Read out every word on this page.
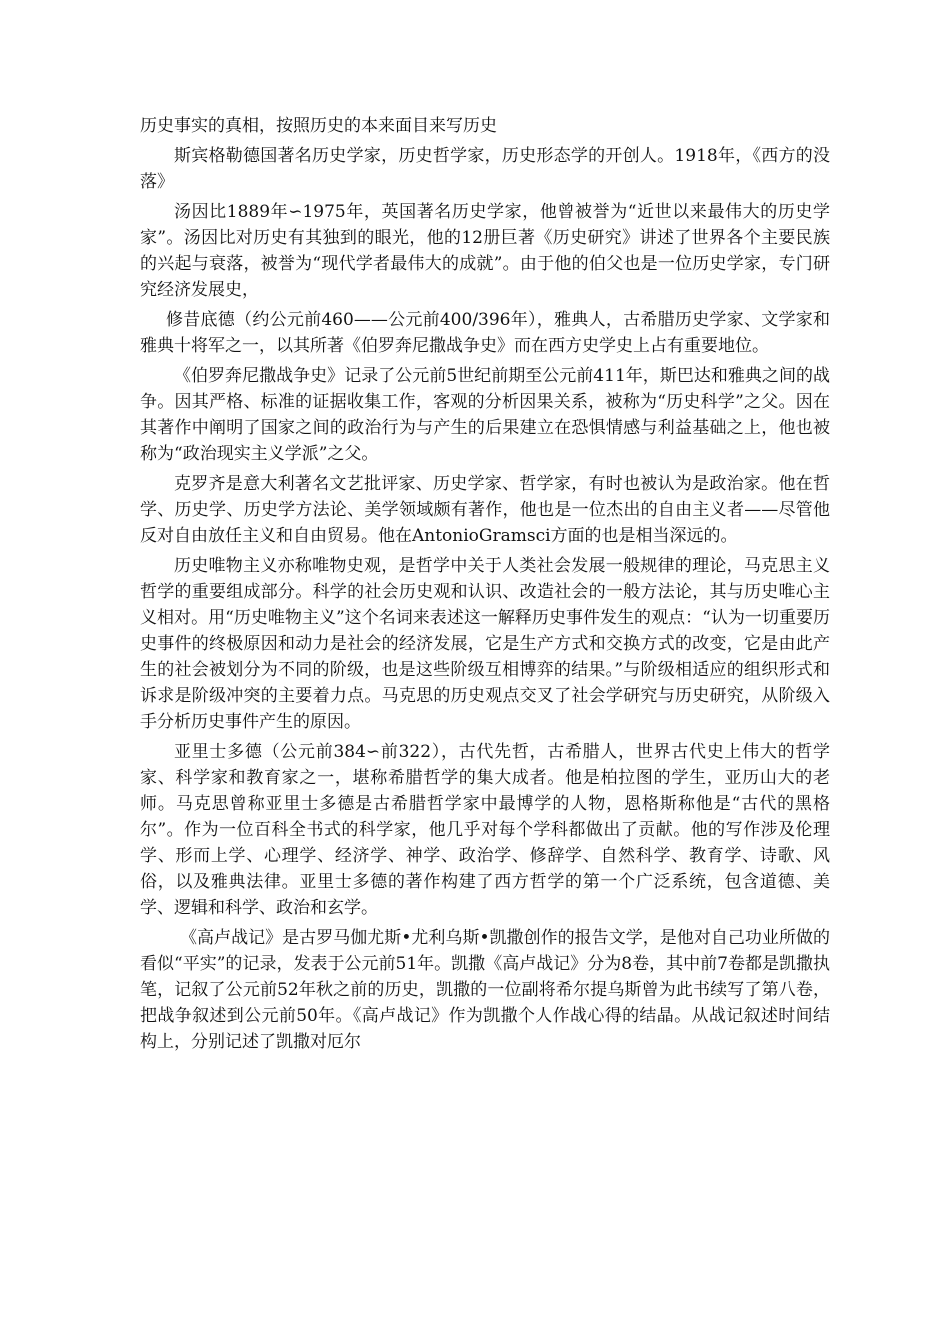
历史事实的真相，按照历史的本来面目来写历史

斯宾格勒德国著名历史学家，历史哲学家，历史形态学的开创人。1918年，《西方的没落》

汤因比1889年∽1975年，英国著名历史学家，他曾被誉为“近世以来最伟大的历史学家”。汤因比对历史有其独到的眼光，他的12册巨著《历史研究》讲述了世界各个主要民族的兴起与衰落，被誉为“现代学者最伟大的成就”。由于他的伯父也是一位历史学家，专门研究经济发展史，

修昔底德（约公元前460——公元前400/396年），雅典人，古希腊历史学家、文学家和雅典十将军之一，以其所著《伯罗奔尼撒战争史》而在西方史学史上占有重要地位。

《伯罗奔尼撒战争史》记录了公元前5世纪前期至公元前411年，斯巴达和雅典之间的战争。因其严格、标准的证据收集工作，客观的分析因果关系，被称为“历史科学”之父。因在其著作中阐明了国家之间的政治行为与产生的后果建立在恐惧情感与利益基础之上，他也被称为“政治现实主义学派”之父。

克罗齐是意大利著名文艺批评家、历史学家、哲学家，有时也被认为是政治家。他在哲学、历史学、历史学方法论、美学领域颇有著作，他也是一位杰出的自由主义者——尽管他反对自由放任主义和自由贸易。他在AntonioGramsci方面的也是相当深远的。

历史唯物主义亦称唯物史观，是哲学中关于人类社会发展一般规律的理论，马克思主义哲学的重要组成部分。科学的社会历史观和认识、改造社会的一般方法论，其与历史唯心主义相对。用“历史唯物主义”这个名词来表述这一解释历史事件发生的观点：“认为一切重要历史事件的终极原因和动力是社会的经济发展，它是生产方式和交换方式的改变，它是由此产生的社会被划分为不同的阶级，也是这些阶级互相博弈的结果。”与阶级相适应的组织形式和诉求是阶级冲突的主要着力点。马克思的历史观点交叉了社会学研究与历史研究，从阶级入手分析历史事件产生的原因。

亚里士多德（公元前384∽前322），古代先哲，古希腊人，世界古代史上伟大的哲学家、科学家和教育家之一，堪称希腊哲学的集大成者。他是柏拉图的学生，亚历山大的老师。马克思曾称亚里士多德是古希腊哲学家中最博学的人物，恩格斯称他是“古代的黑格尔”。作为一位百科全书式的科学家，他几乎对每个学科都做出了贡献。他的写作涉及伦理学、形而上学、心理学、经济学、神学、政治学、修辞学、自然科学、教育学、诗歌、风俗，以及雅典法律。亚里士多德的著作构建了西方哲学的第一个广泛系统，包含道德、美学、逻辑和科学、政治和玄学。

《高卢战记》是古罗马伽尤斯•尤利乌斯•凯撒创作的报告文学，是他对自己功业所做的看似“平实”的记录，发表于公元前51年。凯撒《高卢战记》分为8卷，其中前7卷都是凯撒执笔，记叙了公元前52年秋之前的历史，凯撒的一位副将希尔提乌斯曾为此书续写了第八卷，把战争叙述到公元前50年。《高卢战记》作为凯撒个人作战心得的结晶。从战记叙述时间结构上，分别记述了凯撒对厄尔
